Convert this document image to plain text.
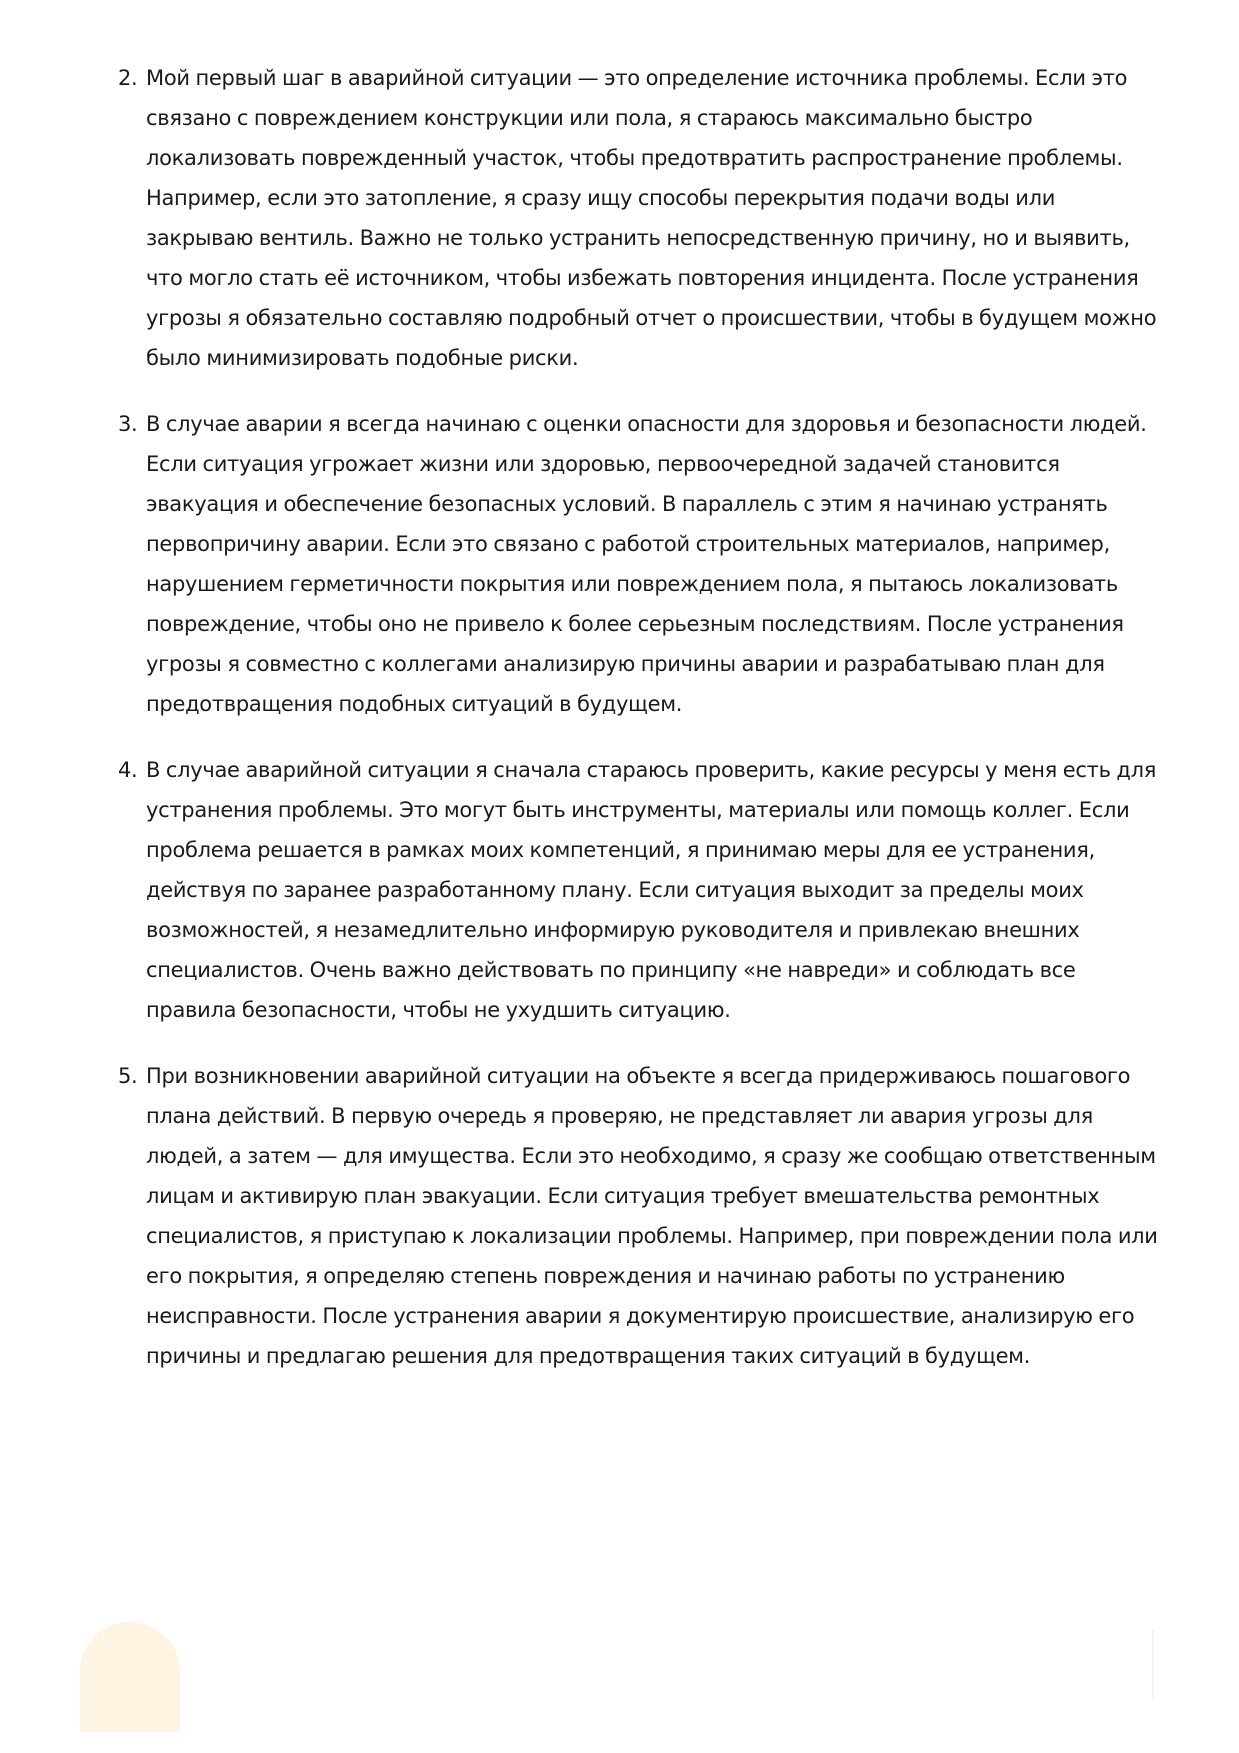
2. Мой первый шаг в аварийной ситуации — это определение источника проблемы. Если это связано с повреждением конструкции или пола, я стараюсь максимально быстро локализовать поврежденный участок, чтобы предотвратить распространение проблемы. Например, если это затопление, я сразу ищу способы перекрытия подачи воды или закрываю вентиль. Важно не только устранить непосредственную причину, но и выявить, что могло стать её источником, чтобы избежать повторения инцидента. После устранения угрозы я обязательно составляю подробный отчет о происшествии, чтобы в будущем можно было минимизировать подобные риски.

3. В случае аварии я всегда начинаю с оценки опасности для здоровья и безопасности людей. Если ситуация угрожает жизни или здоровью, первоочередной задачей становится эвакуация и обеспечение безопасных условий. В параллель с этим я начинаю устранять первопричину аварии. Если это связано с работой строительных материалов, например, нарушением герметичности покрытия или повреждением пола, я пытаюсь локализовать повреждение, чтобы оно не привело к более серьезным последствиям. После устранения угрозы я совместно с коллегами анализирую причины аварии и разрабатываю план для предотвращения подобных ситуаций в будущем.

4. В случае аварийной ситуации я сначала стараюсь проверить, какие ресурсы у меня есть для устранения проблемы. Это могут быть инструменты, материалы или помощь коллег. Если проблема решается в рамках моих компетенций, я принимаю меры для ее устранения, действуя по заранее разработанному плану. Если ситуация выходит за пределы моих возможностей, я незамедлительно информирую руководителя и привлекаю внешних специалистов. Очень важно действовать по принципу «не навреди» и соблюдать все правила безопасности, чтобы не ухудшить ситуацию.

5. При возникновении аварийной ситуации на объекте я всегда придерживаюсь пошагового плана действий. В первую очередь я проверяю, не представляет ли авария угрозы для людей, а затем — для имущества. Если это необходимо, я сразу же сообщаю ответственным лицам и активирую план эвакуации. Если ситуация требует вмешательства ремонтных специалистов, я приступаю к локализации проблемы. Например, при повреждении пола или его покрытия, я определяю степень повреждения и начинаю работы по устранению неисправности. После устранения аварии я документирую происшествие, анализирую его причины и предлагаю решения для предотвращения таких ситуаций в будущем.
